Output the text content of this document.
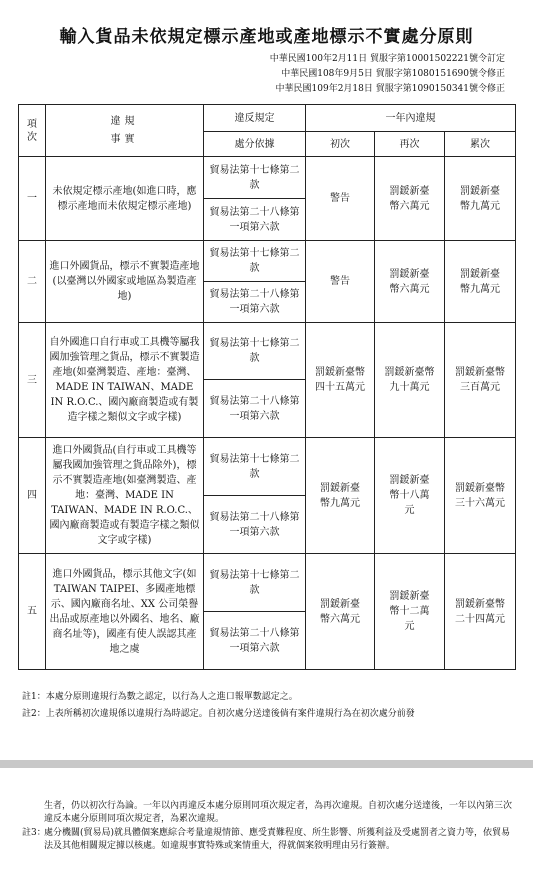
輸入貨品未依規定標示產地或產地標示不實處分原則
中華民國100年2月11日 貿服字第10001502221號令訂定
中華民國108年9月5日 貿服字第1080151690號令修正
中華民國109年2月18日 貿服字第1090150341號令修正
項次	違規事實	違反規定	一年內違規		
		處分依據	初次	再次	累次
一	未依規定標示產地(如進口時，應標示產地而未依規定標示產地)	貿易法第十七條第二款	警告	罰鍰新臺幣六萬元	罰鍰新臺幣九萬元

		貿易法第二十八條第一項第六款			
二	進口外國貨品，標示不實製造產地(以臺灣以外國家或地區為製造產地)	貿易法第十七條第二款	警告	罰鍰新臺幣六萬元	罰鍰新臺幣九萬元

		貿易法第二十八條第一項第六款			
三	自外國進口自行車或工具機等屬我國加強管理之貨品，標示不實製造產地(如臺灣製造、產地：臺灣、MADE IN TAIWAN、MADE IN R.O.C.、國內廠商製造或有製造字樣之類似文字或字樣)	貿易法第十七條第二款	罰鍰新臺幣四十五萬元	罰鍰新臺幣九十萬元	罰鍰新臺幣三百萬元

		貿易法第二十八條第一項第六款			
四	進口外國貨品(自行車或工具機等屬我國加強管理之貨品除外)，標示不實製造產地(如臺灣製造、產地：臺灣、MADE IN TAIWAN、MADE IN R.O.C.、國內廠商製造或有製造字樣之類似文字或字樣)	貿易法第十七條第二款	罰鍰新臺幣九萬元	罰鍰新臺幣十八萬元	罰鍰新臺幣三十六萬元

		貿易法第二十八條第一項第六款			
五	進口外國貨品，標示其他文字(如 TAIWAN TAIPEI、多國產地標示、國內廠商名址、XX 公司榮譽出品或原產地以外國名、地名、廠商名址等)，國產有使人誤認其產地之虞	貿易法第十七條第二款	罰鍰新臺幣六萬元	罰鍰新臺幣十二萬元	罰鍰新臺幣二十四萬元

		貿易法第二十八條第一項第六款			
註1：本處分原則違規行為數之認定，以行為人之進口報單數認定之。
註2：上表所稱初次違規係以違規行為時認定。自初次處分送達後倘有案件違規行為在初次處分前發
生者，仍以初次行為論。一年以內再違反本處分原則同項次規定者，為再次違規。自初次處分送達後，一年以內第三次違反本處分原則同項次規定者，為累次違規。
註3：
處分機關(貿易局)就具體個案應綜合考量違規情節、應受責難程度、所生影響、所獲利益及受處罰者之資力等，依貿易法及其他相關規定據以核處。如違規事實特殊或案情重大，得就個案敘明理由另行簽辦。
